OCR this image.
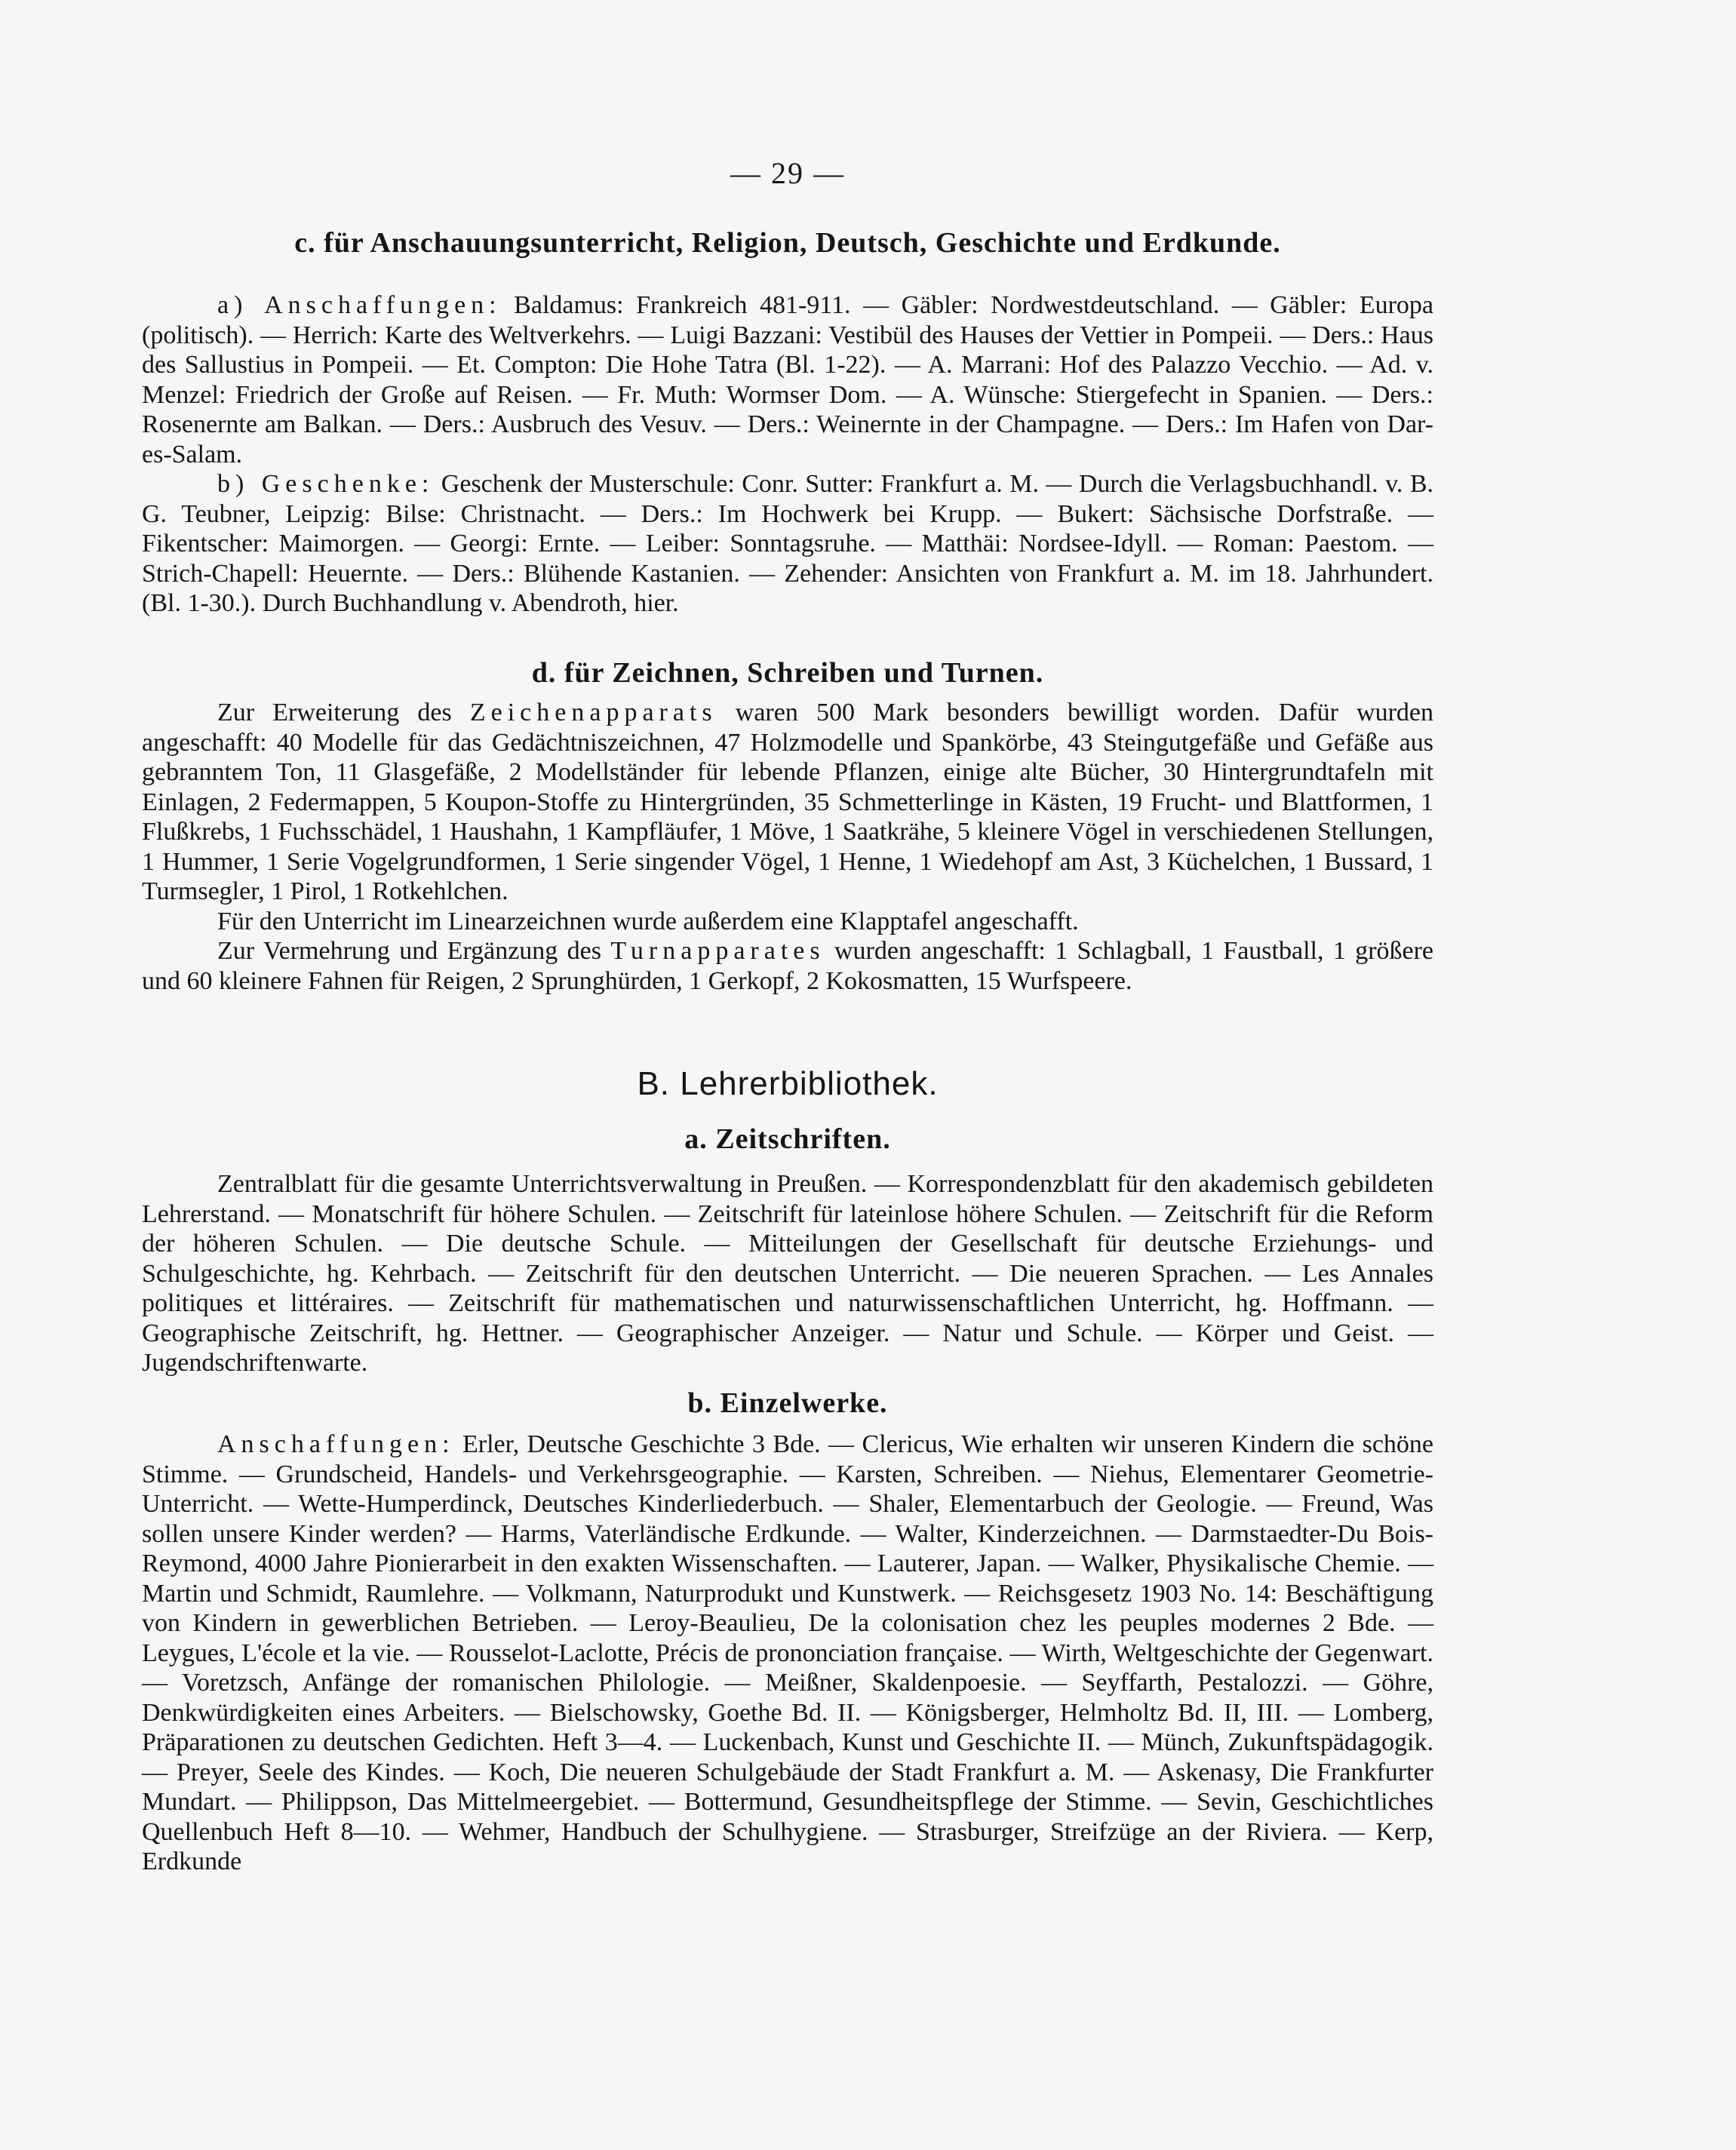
— 29 —
c. für Anschauungsunterricht, Religion, Deutsch, Geschichte und Erdkunde.

a) Anschaffungen: Baldamus: Frankreich 481-911. — Gäbler: Nordwestdeutschland. — Gäbler: Europa (politisch). — Herrich: Karte des Weltverkehrs. — Luigi Bazzani: Vestibül des Hauses der Vettier in Pompeii. — Ders.: Haus des Sallustius in Pompeii. — Et. Compton: Die Hohe Tatra (Bl. 1-22). — A. Marrani: Hof des Palazzo Vecchio. — Ad. v. Menzel: Friedrich der Große auf Reisen. — Fr. Muth: Wormser Dom. — A. Wünsche: Stiergefecht in Spanien. — Ders.: Rosenernte am Balkan. — Ders.: Ausbruch des Vesuv. — Ders.: Weinernte in der Champagne. — Ders.: Im Hafen von Dar-es-Salam.

b) Geschenke: Geschenk der Musterschule: Conr. Sutter: Frankfurt a. M. — Durch die Verlagsbuchhandl. v. B. G. Teubner, Leipzig: Bilse: Christnacht. — Ders.: Im Hochwerk bei Krupp. — Bukert: Sächsische Dorfstraße. — Fikentscher: Maimorgen. — Georgi: Ernte. — Leiber: Sonntagsruhe. — Matthäi: Nordsee-Idyll. — Roman: Paestom. — Strich-Chapell: Heuernte. — Ders.: Blühende Kastanien. — Zehender: Ansichten von Frankfurt a. M. im 18. Jahrhundert. (Bl. 1-30.). Durch Buchhandlung v. Abendroth, hier.

d. für Zeichnen, Schreiben und Turnen.

Zur Erweiterung des Zeichenapparats waren 500 Mark besonders bewilligt worden. Dafür wurden angeschafft: 40 Modelle für das Gedächtniszeichnen, 47 Holzmodelle und Spankörbe, 43 Steingutgefäße und Gefäße aus gebranntem Ton, 11 Glasgefäße, 2 Modellständer für lebende Pflanzen, einige alte Bücher, 30 Hintergrundtafeln mit Einlagen, 2 Federmappen, 5 Koupon-Stoffe zu Hintergründen, 35 Schmetterlinge in Kästen, 19 Frucht- und Blattformen, 1 Flußkrebs, 1 Fuchsschädel, 1 Haushahn, 1 Kampfläufer, 1 Möve, 1 Saatkrähe, 5 kleinere Vögel in verschiedenen Stellungen, 1 Hummer, 1 Serie Vogelgrundformen, 1 Serie singender Vögel, 1 Henne, 1 Wiedehopf am Ast, 3 Küchelchen, 1 Bussard, 1 Turmsegler, 1 Pirol, 1 Rotkehlchen.

Für den Unterricht im Linearzeichnen wurde außerdem eine Klapptafel angeschafft.

Zur Vermehrung und Ergänzung des Turnapparates wurden angeschafft: 1 Schlagball, 1 Faustball, 1 größere und 60 kleinere Fahnen für Reigen, 2 Sprunghürden, 1 Gerkopf, 2 Kokosmatten, 15 Wurfspeere.

B. Lehrerbibliothek.
a. Zeitschriften.

Zentralblatt für die gesamte Unterrichtsverwaltung in Preußen. — Korrespondenzblatt für den akademisch gebildeten Lehrerstand. — Monatschrift für höhere Schulen. — Zeitschrift für lateinlose höhere Schulen. — Zeitschrift für die Reform der höheren Schulen. — Die deutsche Schule. — Mitteilungen der Gesellschaft für deutsche Erziehungs- und Schulgeschichte, hg. Kehrbach. — Zeitschrift für den deutschen Unterricht. — Die neueren Sprachen. — Les Annales politiques et littéraires. — Zeitschrift für mathematischen und naturwissenschaftlichen Unterricht, hg. Hoffmann. — Geographische Zeitschrift, hg. Hettner. — Geographischer Anzeiger. — Natur und Schule. — Körper und Geist. — Jugendschriftenwarte.

b. Einzelwerke.

Anschaffungen: Erler, Deutsche Geschichte 3 Bde. — Clericus, Wie erhalten wir unseren Kindern die schöne Stimme. — Grundscheid, Handels- und Verkehrsgeographie. — Karsten, Schreiben. — Niehus, Elementarer Geometrie-Unterricht. — Wette-Humperdinck, Deutsches Kinderliederbuch. — Shaler, Elementarbuch der Geologie. — Freund, Was sollen unsere Kinder werden? — Harms, Vaterländische Erdkunde. — Walter, Kinderzeichnen. — Darmstaedter-Du Bois-Reymond, 4000 Jahre Pionierarbeit in den exakten Wissenschaften. — Lauterer, Japan. — Walker, Physikalische Chemie. — Martin und Schmidt, Raumlehre. — Volkmann, Naturprodukt und Kunstwerk. — Reichsgesetz 1903 No. 14: Beschäftigung von Kindern in gewerblichen Betrieben. — Leroy-Beaulieu, De la colonisation chez les peuples modernes 2 Bde. — Leygues, L'école et la vie. — Rousselot-Laclotte, Précis de prononciation française. — Wirth, Weltgeschichte der Gegenwart. — Voretzsch, Anfänge der romanischen Philologie. — Meißner, Skaldenpoesie. — Seyffarth, Pestalozzi. — Göhre, Denkwürdigkeiten eines Arbeiters. — Bielschowsky, Goethe Bd. II. — Königsberger, Helmholtz Bd. II, III. — Lomberg, Präparationen zu deutschen Gedichten. Heft 3—4. — Luckenbach, Kunst und Geschichte II. — Münch, Zukunftspädagogik. — Preyer, Seele des Kindes. — Koch, Die neueren Schulgebäude der Stadt Frankfurt a. M. — Askenasy, Die Frankfurter Mundart. — Philippson, Das Mittelmeergebiet. — Bottermund, Gesundheitspflege der Stimme. — Sevin, Geschichtliches Quellenbuch Heft 8—10. — Wehmer, Handbuch der Schulhygiene. — Strasburger, Streifzüge an der Riviera. — Kerp, Erdkunde
